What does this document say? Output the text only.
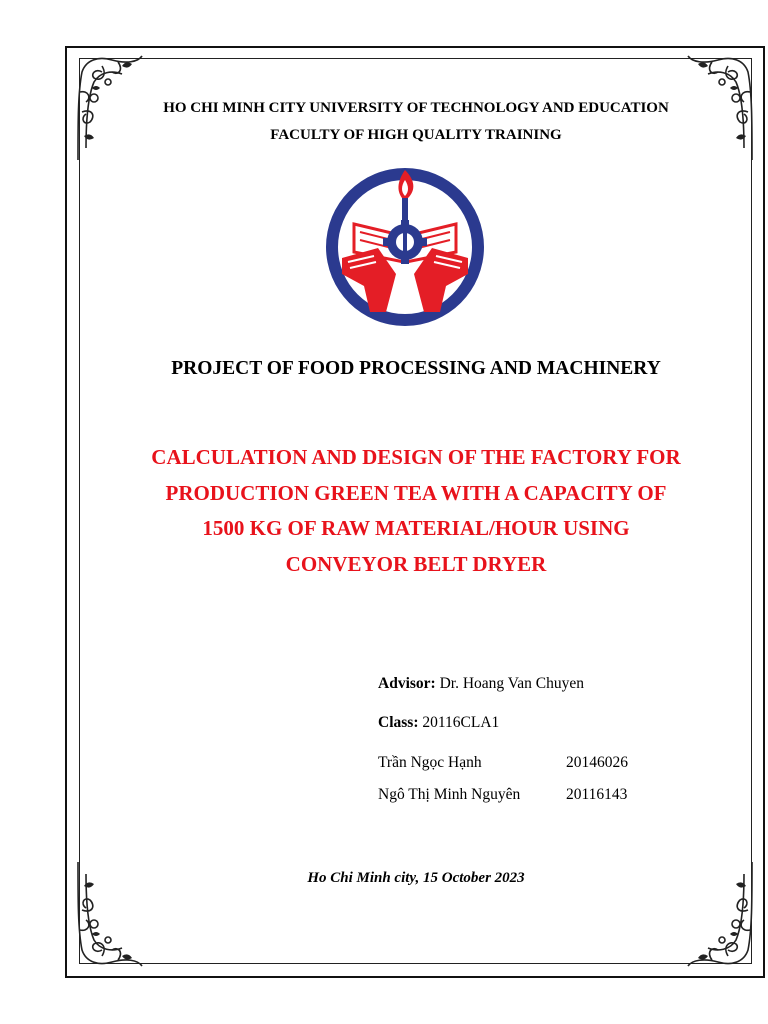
HO CHI MINH CITY UNIVERSITY OF TECHNOLOGY AND EDUCATION
FACULTY OF HIGH QUALITY TRAINING
PROJECT OF FOOD PROCESSING AND MACHINERY
CALCULATION AND DESIGN OF THE FACTORY FOR
PRODUCTION GREEN TEA WITH A CAPACITY OF
1500 KG OF RAW MATERIAL/HOUR USING
CONVEYOR BELT DRYER
Advisor: Dr. Hoang Van Chuyen
Class: 20116CLA1
Trần Ngọc Hạnh	20146026
Ngô Thị Minh Nguyên	20116143
Ho Chi Minh city, 15 October 2023
